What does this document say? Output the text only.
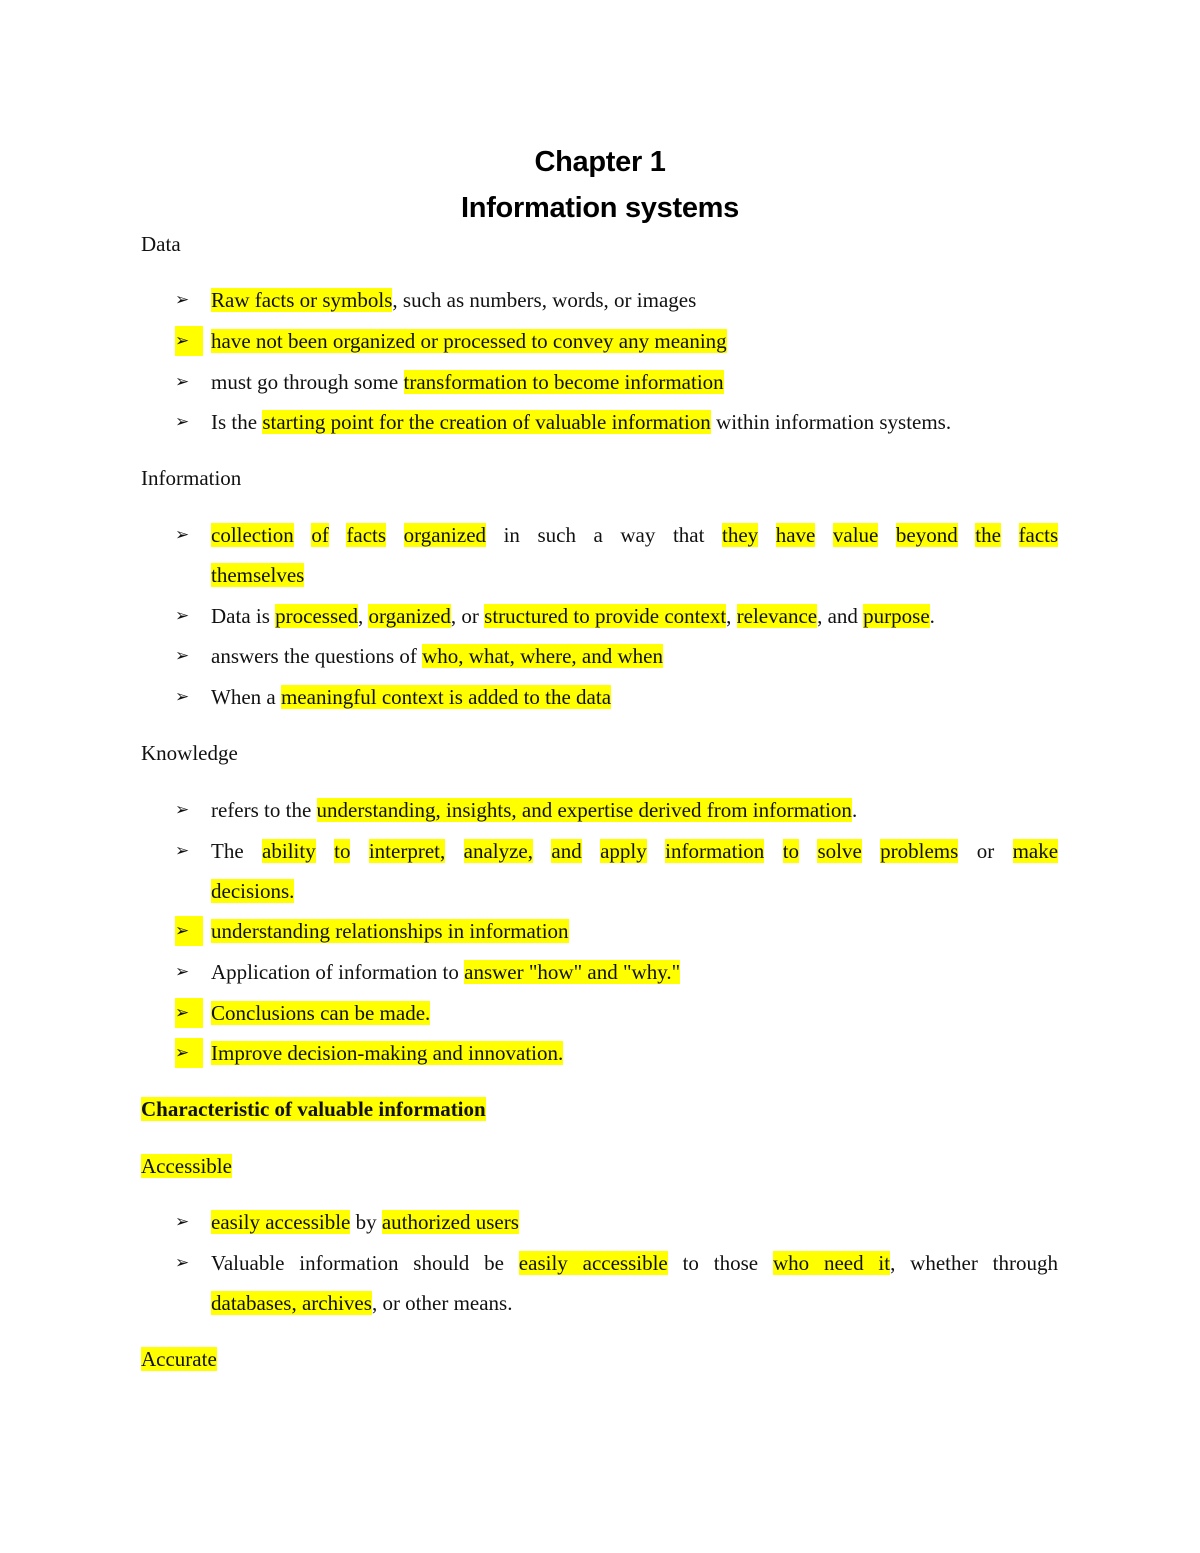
Chapter 1
Information systems
Data
➢	Raw facts or symbols, such as numbers, words, or images
➢	have not been organized or processed to convey any meaning
➢	must go through some transformation to become information
➢	Is the starting point for the creation of valuable information within information systems.
Information
➢	collection of facts organized in such a way that they have value beyond the facts
themselves
➢	Data is processed, organized, or structured to provide context, relevance, and purpose.
➢	answers the questions of who, what, where, and when
➢	When a meaningful context is added to the data
Knowledge
➢	refers to the understanding, insights, and expertise derived from information.
➢	The ability to interpret, analyze, and apply information to solve problems or make
decisions.
➢	understanding relationships in information
➢	Application of information to answer "how" and "why."
➢	Conclusions can be made.
➢	Improve decision-making and innovation.
Characteristic of valuable information
Accessible
➢	easily accessible by authorized users
➢	Valuable information should be easily accessible to those who need it, whether through
databases, archives, or other means.
Accurate
